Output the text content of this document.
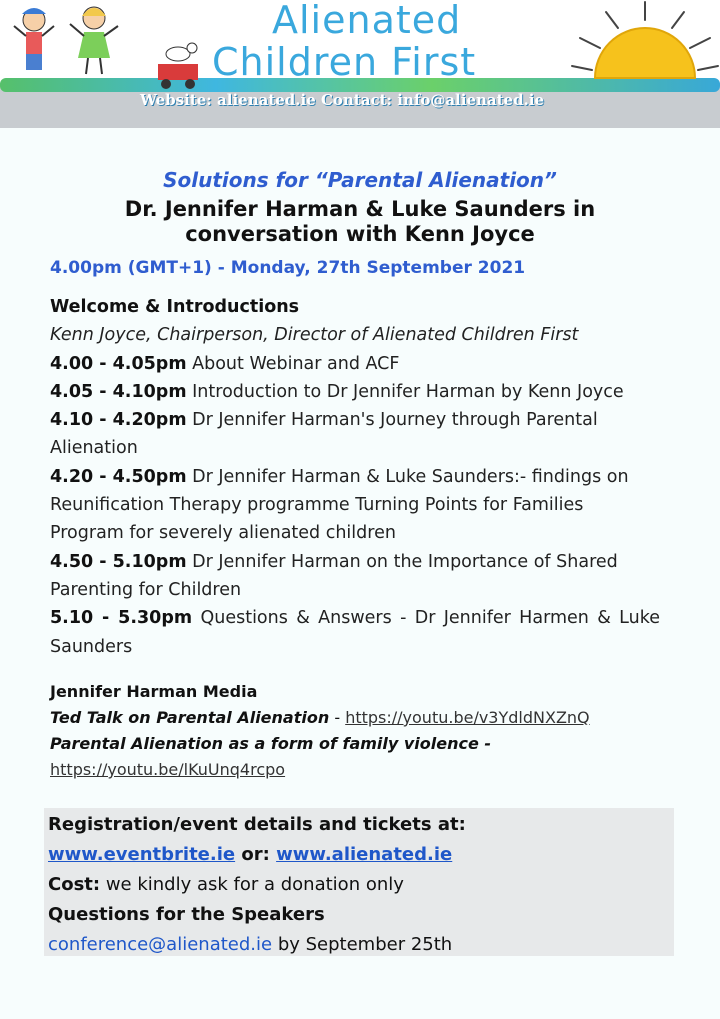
Alienated
Children First
Website: alienated.ie Contact: info@alienated.ie
Solutions for “Parental Alienation”
Dr. Jennifer Harman & Luke Saunders in
conversation with Kenn Joyce
4.00pm (GMT+1) - Monday, 27th September 2021
Welcome & Introductions
Kenn Joyce, Chairperson, Director of Alienated Children First
4.00 - 4.05pm About Webinar and ACF
4.05 - 4.10pm Introduction to Dr Jennifer Harman by Kenn Joyce
4.10 - 4.20pm Dr Jennifer Harman's Journey through Parental Alienation
4.20 - 4.50pm Dr Jennifer Harman & Luke Saunders:- findings on Reunification Therapy programme Turning Points for Families Program for severely alienated children
4.50 - 5.10pm Dr Jennifer Harman on the Importance of Shared Parenting for Children
5.10 - 5.30pm Questions & Answers - Dr Jennifer Harmen & Luke Saunders
Jennifer Harman Media
Ted Talk on Parental Alienation - https://youtu.be/v3YdldNXZnQ
Parental Alienation as a form of family violence -
https://youtu.be/lKuUnq4rcpo
Registration/event details and tickets at:
www.eventbrite.ie or: www.alienated.ie
Cost: we kindly ask for a donation only
Questions for the Speakers
conference@alienated.ie by September 25th
